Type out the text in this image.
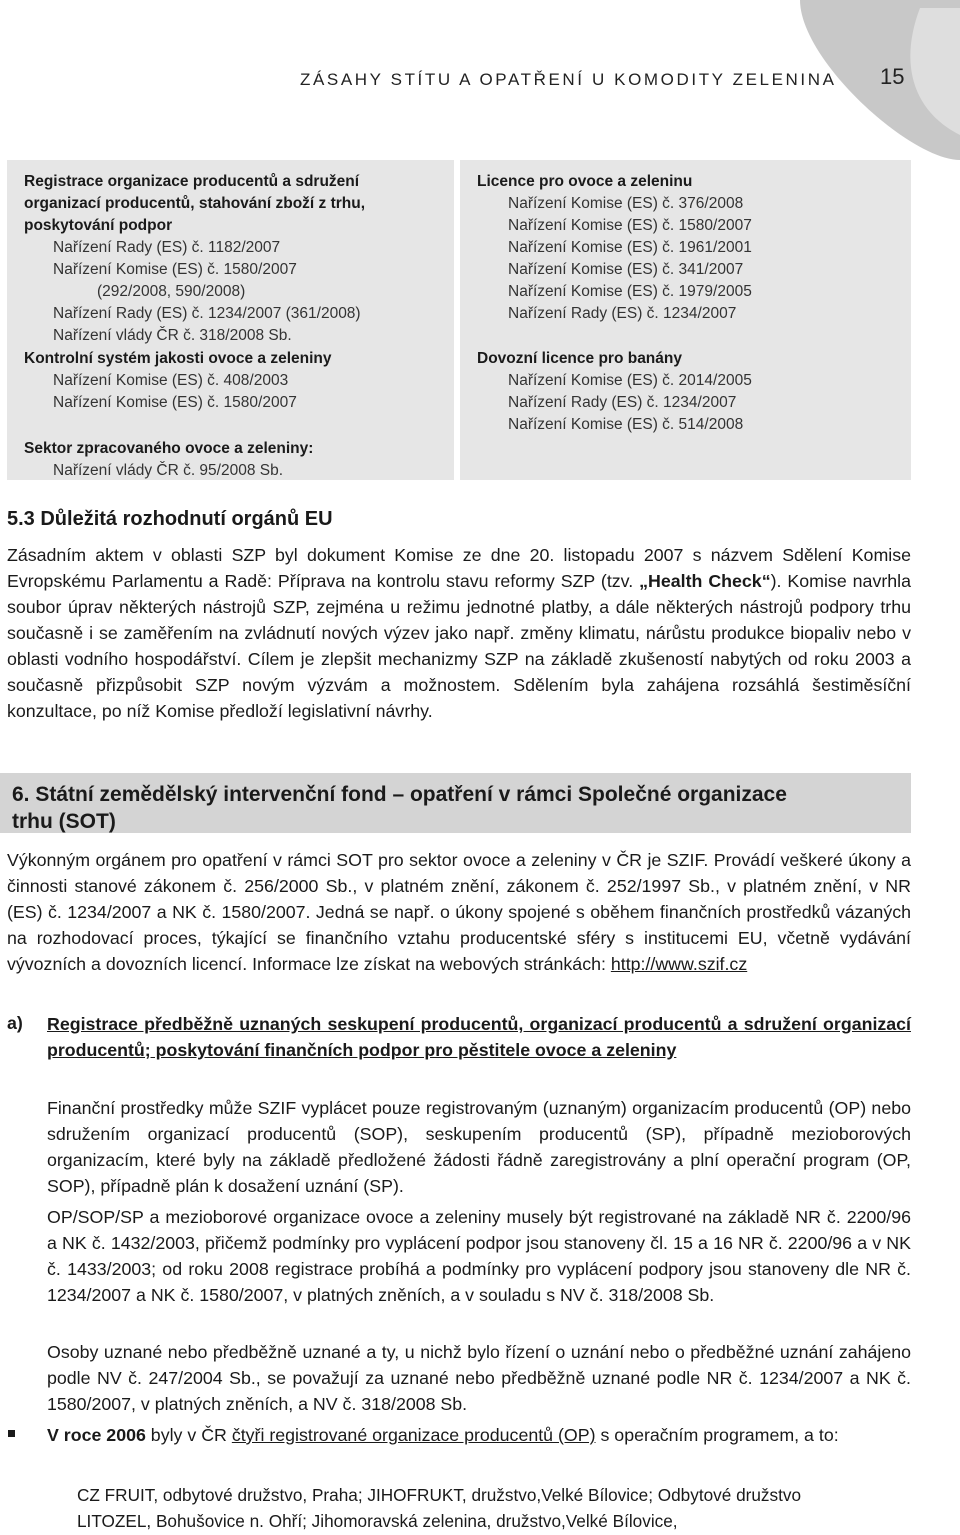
ZÁSAHY STÍTU A OPATŘENÍ U KOMODITY ZELENINA 15
Registrace organizace producentů a sdružení
organizací producentů, stahování zboží z trhu,
poskytování podpor
Nařízení Rady (ES) č. 1182/2007
Nařízení Komise (ES) č. 1580/2007
(292/2008, 590/2008)
Nařízení Rady (ES) č. 1234/2007 (361/2008)
Nařízení vlády ČR č. 318/2008 Sb.
Kontrolní systém jakosti ovoce a zeleniny
Nařízení Komise (ES) č. 408/2003
Nařízení Komise (ES) č. 1580/2007
Sektor zpracovaného ovoce a zeleniny:
Nařízení vlády ČR č. 95/2008 Sb.
Licence pro ovoce a zeleninu
Nařízení Komise (ES) č. 376/2008
Nařízení Komise (ES) č. 1580/2007
Nařízení Komise (ES) č. 1961/2001
Nařízení Komise (ES) č. 341/2007
Nařízení Komise (ES) č. 1979/2005
Nařízení Rady (ES) č. 1234/2007
Dovozní licence pro banány
Nařízení Komise (ES) č. 2014/2005
Nařízení Rady (ES) č. 1234/2007
Nařízení Komise (ES) č. 514/2008
5.3 Důležitá rozhodnutí orgánů EU
Zásadním aktem v oblasti SZP byl dokument Komise ze dne 20. listopadu 2007 s názvem Sdělení Komise Evropskému Parlamentu a Radě: Příprava na kontrolu stavu reformy SZP (tzv. „Health Check“). Komise navrhla soubor úprav některých nástrojů SZP, zejména u režimu jednotné platby, a dále některých nástrojů podpory trhu současně i se zaměřením na zvládnutí nových výzev jako např. změny klimatu, nárůstu produkce biopaliv nebo v oblasti vodního hospodářství. Cílem je zlepšit mechanizmy SZP na základě zkušeností nabytých od roku 2003 a současně přizpůsobit SZP novým výzvám a možnostem. Sdělením byla zahájena rozsáhlá šestiměsíční konzultace, po níž Komise předloží legislativní návrhy.
6. Státní zemědělský intervenční fond – opatření v rámci Společné organizace
trhu (SOT)
Výkonným orgánem pro opatření v rámci SOT pro sektor ovoce a zeleniny v ČR je SZIF. Provádí veškeré úkony a činnosti stanové zákonem č. 256/2000 Sb., v platném znění, zákonem č. 252/1997 Sb., v platném znění, v NR (ES) č. 1234/2007 a NK č. 1580/2007. Jedná se např. o úkony spojené s oběhem finančních prostředků vázaných na rozhodovací proces, týkající se finančního vztahu producentské sféry s institucemi EU, včetně vydávání vývozních a dovozních licencí. Informace lze získat na webových stránkách: http://www.szif.cz
a) Registrace předběžně uznaných seskupení producentů, organizací producentů a sdružení organizací producentů; poskytování finančních podpor pro pěstitele ovoce a zeleniny
Finanční prostředky může SZIF vyplácet pouze registrovaným (uznaným) organizacím producentů (OP) nebo sdružením organizací producentů (SOP), seskupením producentů (SP), případně mezioborových organizacím, které byly na základě předložené žádosti řádně zaregistrovány a plní operační program (OP, SOP), případně plán k dosažení uznání (SP).
OP/SOP/SP a mezioborové organizace ovoce a zeleniny musely být registrované na základě NR č. 2200/96 a NK č. 1432/2003, přičemž podmínky pro vyplácení podpor jsou stanoveny čl. 15 a 16 NR č. 2200/96 a v NK č. 1433/2003; od roku 2008 registrace probíhá a podmínky pro vyplácení podpory jsou stanoveny dle NR č. 1234/2007 a NK č. 1580/2007, v platných zněních, a v souladu s NV č. 318/2008 Sb.
Osoby uznané nebo předběžně uznané a ty, u nichž bylo řízení o uznání nebo o předběžné uznání zahájeno podle NV č. 247/2004 Sb., se považují za uznané nebo předběžně uznané podle NR č. 1234/2007 a NK č. 1580/2007, v platných zněních, a NV č. 318/2008 Sb.
V roce 2006 byly v ČR čtyři registrované organizace producentů (OP) s operačním programem, a to:
CZ FRUIT, odbytové družstvo, Praha; JIHOFRUKT, družstvo,Velké Bílovice; Odbytové družstvo
LITOZEL, Bohušovice n. Ohří; Jihomoravská zelenina, družstvo,Velké Bílovice,
